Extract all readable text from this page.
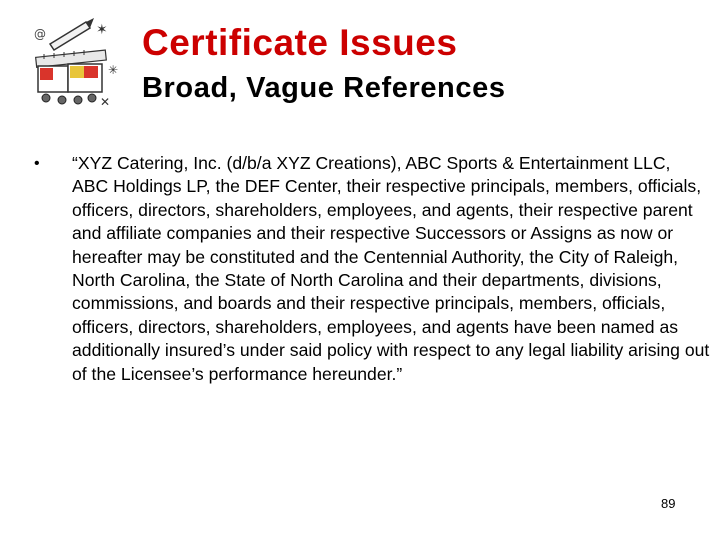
✶
✳
@
✕
Certificate Issues
Broad, Vague References
•	“XYZ Catering, Inc. (d/b/a XYZ Creations), ABC Sports & Entertainment LLC, ABC Holdings LP, the DEF Center, their respective principals, members, officials, officers, directors, shareholders, employees, and agents, their respective parent and affiliate companies and their respective Successors or Assigns as now or hereafter may be constituted and the Centennial Authority, the City of Raleigh, North Carolina, the State of North Carolina and their departments, divisions, commissions, and boards and their respective principals, members, officials, officers, directors, shareholders, employees, and agents have been named as additionally insured’s under said policy with respect to any legal liability arising out of the Licensee’s performance hereunder.”
89
